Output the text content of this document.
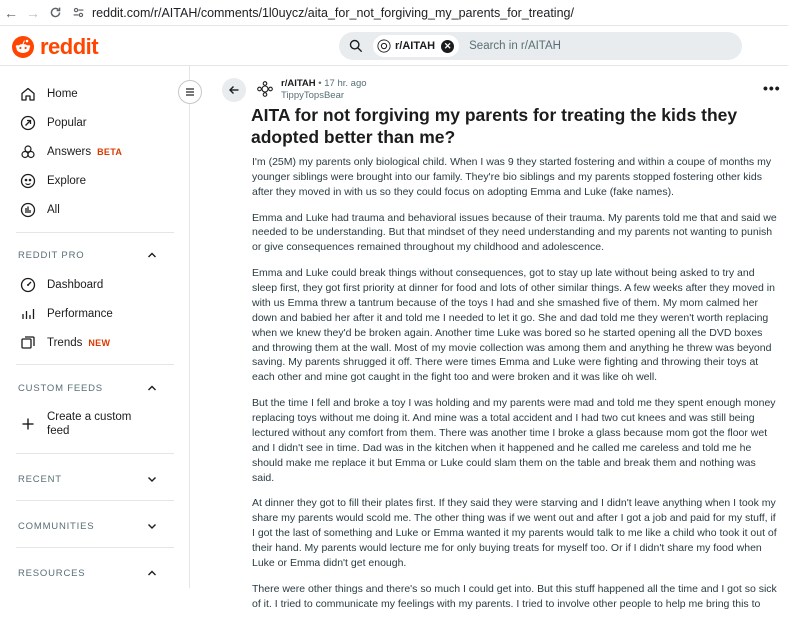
← →	reddit.com/r/AITAH/comments/1l0uycz/aita_for_not_forgiving_my_parents_for_treating/
reddit	r/AITAH ✕ Search in r/AITAH
Home
Popular
Answers BETA
Explore
All
REDDIT PRO
Dashboard
Performance
Trends NEW
CUSTOM FEEDS
Create a custom
feed
RECENT
COMMUNITIES
RESOURCES
r/AITAH • 17 hr. ago
TippyTopsBear	•••
AITA for not forgiving my parents for treating the kids they adopted better than me?

I'm (25M) my parents only biological child. When I was 9 they started fostering and within a coupe of months my younger siblings were brought into our family. They're bio siblings and my parents stopped fostering other kids after they moved in with us so they could focus on adopting Emma and Luke (fake names).

Emma and Luke had trauma and behavioral issues because of their trauma. My parents told me that and said we needed to be understanding. But that mindset of they need understanding and my parents not wanting to punish or give consequences remained throughout my childhood and adolescence.

Emma and Luke could break things without consequences, got to stay up late without being asked to try and sleep first, they got first priority at dinner for food and lots of other similar things. A few weeks after they moved in with us Emma threw a tantrum because of the toys I had and she smashed five of them. My mom calmed her down and babied her after it and told me I needed to let it go. She and dad told me they weren't worth replacing when we knew they'd be broken again. Another time Luke was bored so he started opening all the DVD boxes and throwing them at the wall. Most of my movie collection was among them and anything he threw was beyond saving. My parents shrugged it off. There were times Emma and Luke were fighting and throwing their toys at each other and mine got caught in the fight too and were broken and it was like oh well.

But the time I fell and broke a toy I was holding and my parents were mad and told me they spent enough money replacing toys without me doing it. And mine was a total accident and I had two cut knees and was still being lectured without any comfort from them. There was another time I broke a glass because mom got the floor wet and I didn't see in time. Dad was in the kitchen when it happened and he called me careless and told me he should make me replace it but Emma or Luke could slam them on the table and break them and nothing was said.

At dinner they got to fill their plates first. If they said they were starving and I didn't leave anything when I took my share my parents would scold me. The other thing was if we went out and after I got a job and paid for my stuff, if I got the last of something and Luke or Emma wanted it my parents would talk to me like a child who took it out of their hand. My parents would lecture me for only buying treats for myself too. Or if I didn't share my food when Luke or Emma didn't get enough.

There were other things and there's so much I could get into. But this stuff happened all the time and I got so sick of it. I tried to communicate my feelings with my parents. I tried to involve other people to help me bring this to
